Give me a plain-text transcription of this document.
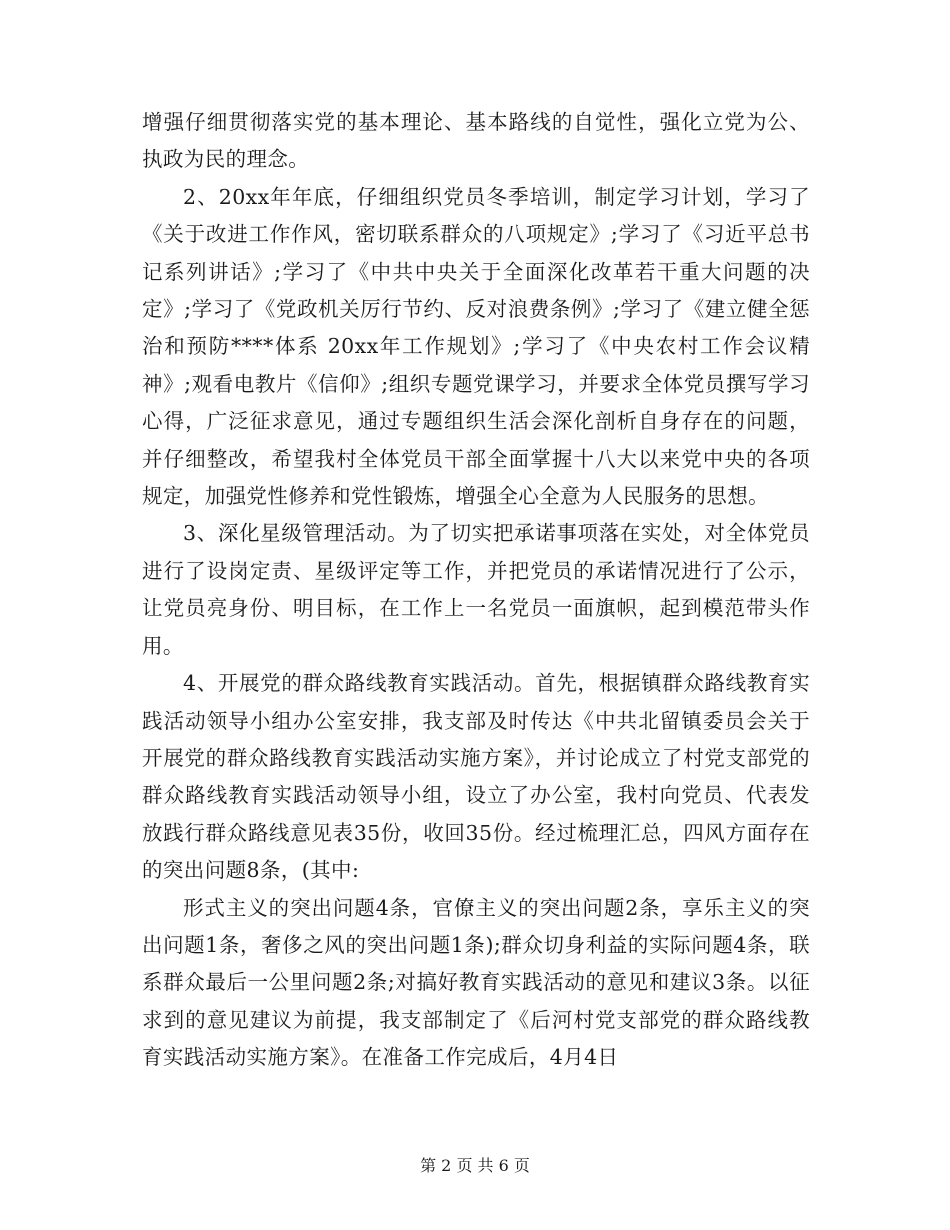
增强仔细贯彻落实党的基本理论、基本路线的自觉性，强化立党为公、执政为民的理念。

2、20xx年年底，仔细组织党员冬季培训，制定学习计划，学习了《关于改进工作作风，密切联系群众的八项规定》;学习了《习近平总书记系列讲话》;学习了《中共中央关于全面深化改革若干重大问题的决定》;学习了《党政机关厉行节约、反对浪费条例》;学习了《建立健全惩治和预防****体系 20xx年工作规划》;学习了《中央农村工作会议精神》;观看电教片《信仰》;组织专题党课学习，并要求全体党员撰写学习心得，广泛征求意见，通过专题组织生活会深化剖析自身存在的问题，并仔细整改，希望我村全体党员干部全面掌握十八大以来党中央的各项规定，加强党性修养和党性锻炼，增强全心全意为人民服务的思想。

3、深化星级管理活动。为了切实把承诺事项落在实处，对全体党员进行了设岗定责、星级评定等工作，并把党员的承诺情况进行了公示，让党员亮身份、明目标，在工作上一名党员一面旗帜，起到模范带头作用。

4、开展党的群众路线教育实践活动。首先，根据镇群众路线教育实践活动领导小组办公室安排，我支部及时传达《中共北留镇委员会关于开展党的群众路线教育实践活动实施方案》，并讨论成立了村党支部党的群众路线教育实践活动领导小组，设立了办公室，我村向党员、代表发放践行群众路线意见表35份，收回35份。经过梳理汇总，四风方面存在的突出问题8条，(其中:

形式主义的突出问题4条，官僚主义的突出问题2条，享乐主义的突出问题1条，奢侈之风的突出问题1条);群众切身利益的实际问题4条，联系群众最后一公里问题2条;对搞好教育实践活动的意见和建议3条。以征求到的意见建议为前提，我支部制定了《后河村党支部党的群众路线教育实践活动实施方案》。在准备工作完成后，4月4日

第 2 页 共 6 页
